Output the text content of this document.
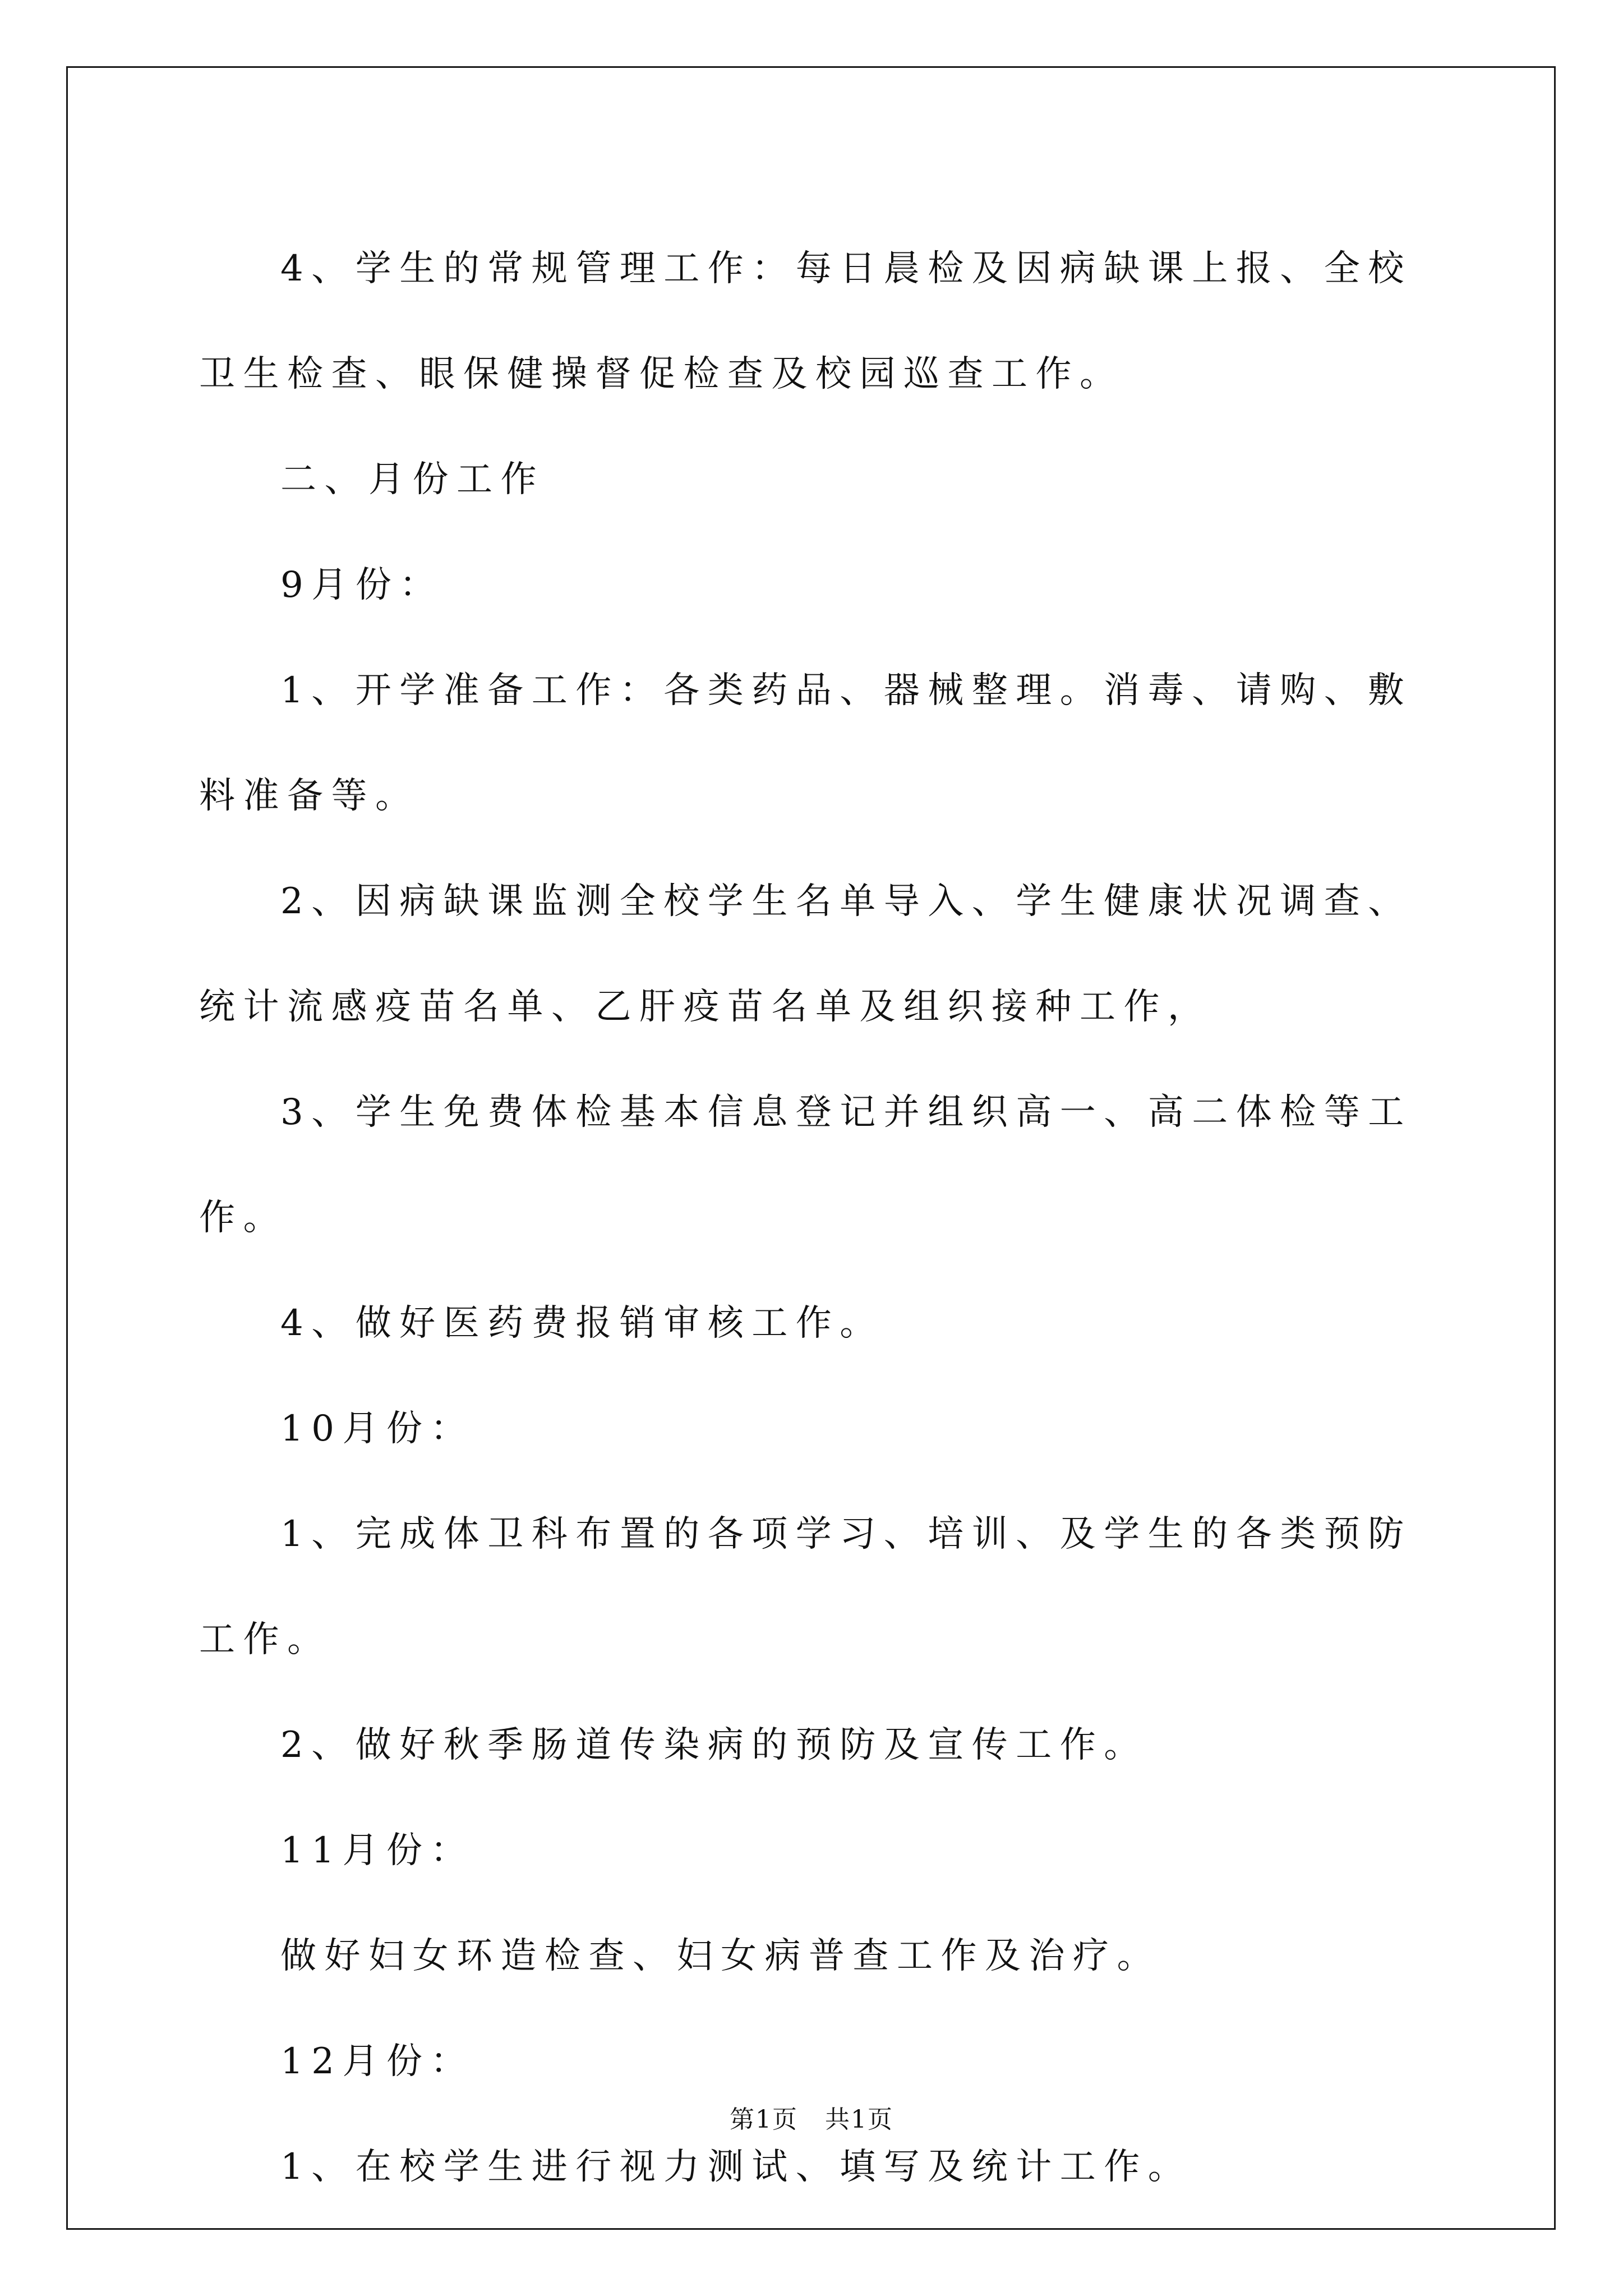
4、学生的常规管理工作：每日晨检及因病缺课上报、全校卫生检查、眼保健操督促检查及校园巡查工作。

二、月份工作

9月份：

1、开学准备工作：各类药品、器械整理。消毒、请购、敷料准备等。

2、因病缺课监测全校学生名单导入、学生健康状况调查、统计流感疫苗名单、乙肝疫苗名单及组织接种工作，

3、学生免费体检基本信息登记并组织高一、高二体检等工作。

4、做好医药费报销审核工作。

10月份：

1、完成体卫科布置的各项学习、培训、及学生的各类预防工作。

2、做好秋季肠道传染病的预防及宣传工作。

11月份：

做好妇女环造检查、妇女病普查工作及治疗。

12月份：

1、在校学生进行视力测试、填写及统计工作。

第1页 共1页
